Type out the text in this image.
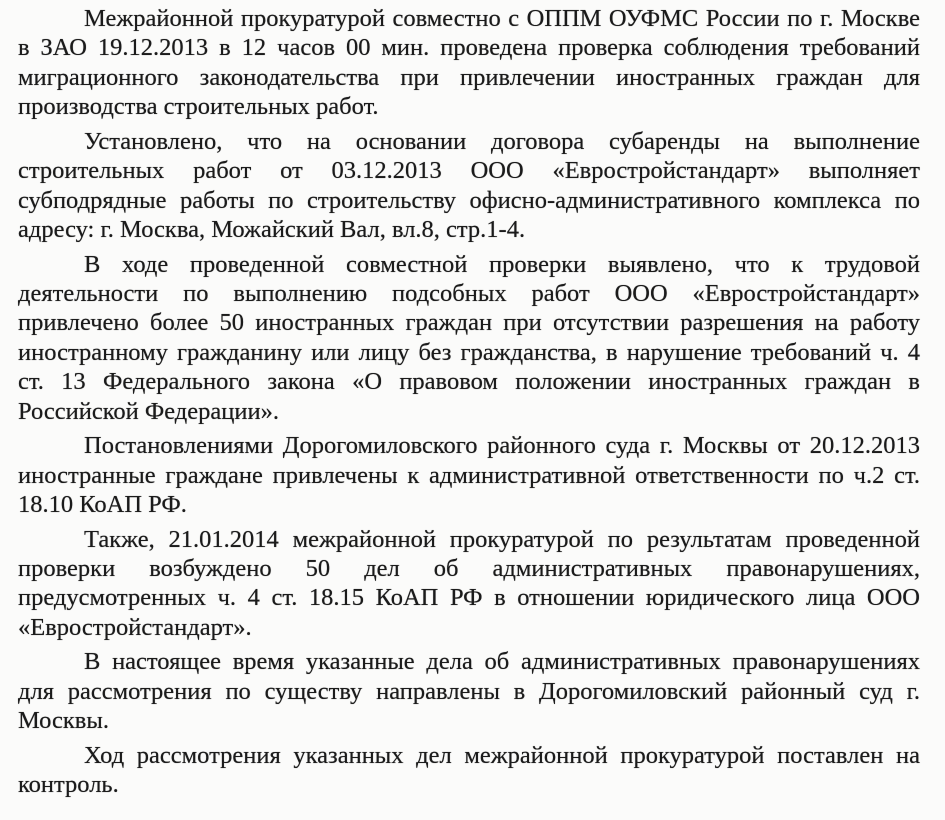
Межрайонной прокуратурой совместно с ОППМ ОУФМС России по г. Москве в ЗАО 19.12.2013 в 12 часов 00 мин. проведена проверка соблюдения требований миграционного законодательства при привлечении иностранных граждан для производства строительных работ.

Установлено, что на основании договора субаренды на выполнение строительных работ от 03.12.2013 ООО «Евростройстандарт» выполняет субподрядные работы по строительству офисно-административного комплекса по адресу: г. Москва, Можайский Вал, вл.8, стр.1-4.

В ходе проведенной совместной проверки выявлено, что к трудовой деятельности по выполнению подсобных работ ООО «Евростройстандарт» привлечено более 50 иностранных граждан при отсутствии разрешения на работу иностранному гражданину или лицу без гражданства, в нарушение требований ч. 4 ст. 13 Федерального закона «О правовом положении иностранных граждан в Российской Федерации».

Постановлениями Дорогомиловского районного суда г. Москвы от 20.12.2013 иностранные граждане привлечены к административной ответственности по ч.2 ст. 18.10 КоАП РФ.

Также, 21.01.2014 межрайонной прокуратурой по результатам проведенной проверки возбуждено 50 дел об административных правонарушениях, предусмотренных ч. 4 ст. 18.15 КоАП РФ в отношении юридического лица ООО «Евростройстандарт».

В настоящее время указанные дела об административных правонарушениях для рассмотрения по существу направлены в Дорогомиловский районный суд г. Москвы.

Ход рассмотрения указанных дел межрайонной прокуратурой поставлен на контроль.
